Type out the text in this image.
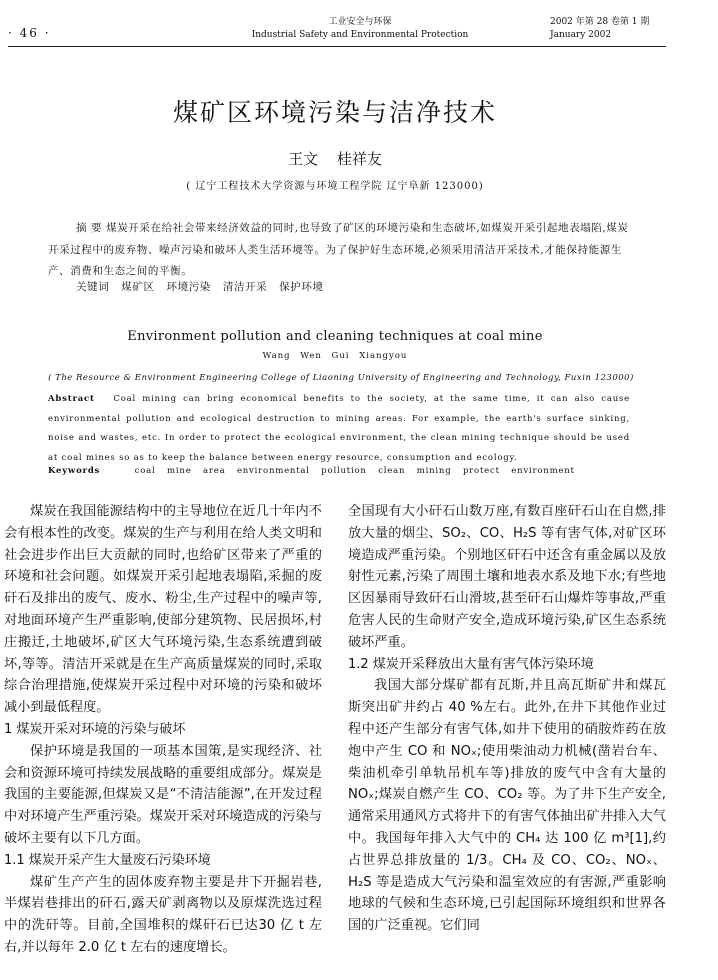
· 46 ·
工业安全与环保
Industrial Safety and Environmental Protection
2002 年第 28 卷第 1 期
January 2002
煤矿区环境污染与洁净技术
王文 桂祥友
( 辽宁工程技术大学资源与环境工程学院 辽宁阜新 123000)
摘 要 煤炭开采在给社会带来经济效益的同时,也导致了矿区的环境污染和生态破坏,如煤炭开采引起地表塌陷,煤炭开采过程中的废弃物、噪声污染和破坏人类生活环境等。为了保护好生态环境,必须采用清洁开采技术,才能保持能源生产、消费和生态之间的平衡。
关键词 煤矿区 环境污染 清洁开采 保护环境
Environment pollution and cleaning techniques at coal mine
Wang Wen Gui Xiangyou
( The Resource & Environment Engineering College of Liaoning University of Engineering and Technology, Fuxin 123000)
Abstract Coal mining can bring economical benefits to the society, at the same time, it can also cause environmental pollution and ecological destruction to mining areas. For example, the earth's surface sinking, noise and wastes, etc. In order to protect the ecological environment, the clean mining technique should be used at coal mines so as to keep the balance between energy resource, consumption and ecology.
Keywords	coal mine area environmental pollution clean mining protect environment

煤炭在我国能源结构中的主导地位在近几十年内不会有根本性的改变。煤炭的生产与利用在给人类文明和社会进步作出巨大贡献的同时,也给矿区带来了严重的环境和社会问题。如煤炭开采引起地表塌陷,采掘的废矸石及排出的废气、废水、粉尘,生产过程中的噪声等,对地面环境产生严重影响,使部分建筑物、民居损坏,村庄搬迁,土地破坏,矿区大气环境污染,生态系统遭到破坏,等等。清洁开采就是在生产高质量煤炭的同时,采取综合治理措施,使煤炭开采过程中对环境的污染和破坏减小到最低程度。

1 煤炭开采对环境的污染与破坏

保护环境是我国的一项基本国策,是实现经济、社会和资源环境可持续发展战略的重要组成部分。煤炭是我国的主要能源,但煤炭又是“不清洁能源”,在开发过程中对环境产生严重污染。煤炭开采对环境造成的污染与破坏主要有以下几方面。

1.1 煤炭开采产生大量废石污染环境

煤矿生产产生的固体废弃物主要是井下开掘岩巷,半煤岩巷排出的矸石,露天矿剥离物以及原煤洗选过程中的洗矸等。目前,全国堆积的煤矸石已达30 亿 t 左右,并以每年 2.0 亿 t 左右的速度增长。

全国现有大小矸石山数万座,有数百座矸石山在自燃,排放大量的烟尘、SO₂、CO、H₂S 等有害气体,对矿区环境造成严重污染。个别地区矸石中还含有重金属以及放射性元素,污染了周围土壤和地表水系及地下水;有些地区因暴雨导致矸石山滑坡,甚至矸石山爆炸等事故,严重危害人民的生命财产安全,造成环境污染,矿区生态系统破坏严重。

1.2 煤炭开采释放出大量有害气体污染环境

我国大部分煤矿都有瓦斯,并且高瓦斯矿井和煤瓦斯突出矿井约占 40 %左右。此外,在井下其他作业过程中还产生部分有害气体,如井下使用的硝胺炸药在放炮中产生 CO 和 NOₓ;使用柴油动力机械(凿岩台车、柴油机牵引单轨吊机车等)排放的废气中含有大量的 NOₓ;煤炭自燃产生 CO、CO₂ 等。为了井下生产安全,通常采用通风方式将井下的有害气体抽出矿井排入大气中。我国每年排入大气中的 CH₄ 达 100 亿 m³[1],约占世界总排放量的 1/3。CH₄ 及 CO、CO₂、NOₓ、H₂S 等是造成大气污染和温室效应的有害源,严重影响地球的气候和生态环境,已引起国际环境组织和世界各国的广泛重视。它们同
